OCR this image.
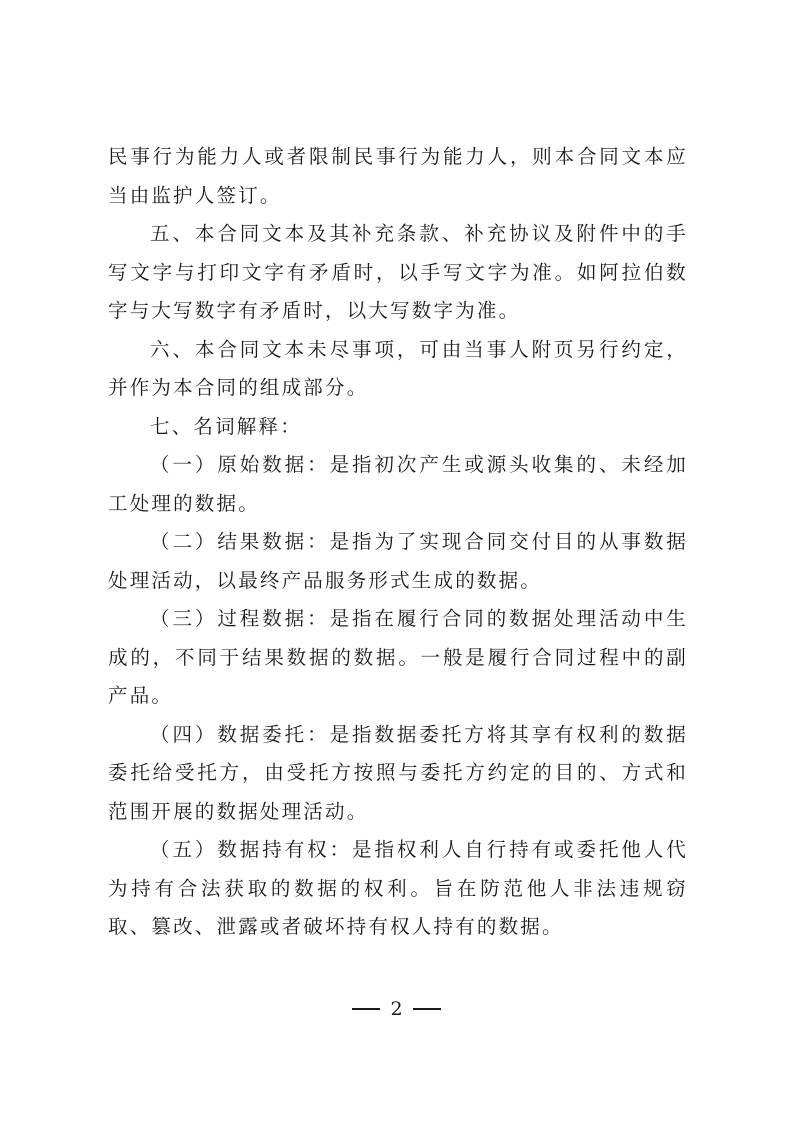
民事行为能力人或者限制民事行为能力人，则本合同文本应当由监护人签订。

五、本合同文本及其补充条款、补充协议及附件中的手写文字与打印文字有矛盾时，以手写文字为准。如阿拉伯数字与大写数字有矛盾时，以大写数字为准。

六、本合同文本未尽事项，可由当事人附页另行约定，并作为本合同的组成部分。

七、名词解释：

（一）原始数据：是指初次产生或源头收集的、未经加工处理的数据。

（二）结果数据：是指为了实现合同交付目的从事数据处理活动，以最终产品服务形式生成的数据。

（三）过程数据：是指在履行合同的数据处理活动中生成的，不同于结果数据的数据。一般是履行合同过程中的副产品。

（四）数据委托：是指数据委托方将其享有权利的数据委托给受托方，由受托方按照与委托方约定的目的、方式和范围开展的数据处理活动。

（五）数据持有权：是指权利人自行持有或委托他人代为持有合法获取的数据的权利。旨在防范他人非法违规窃取、篡改、泄露或者破坏持有权人持有的数据。

2
